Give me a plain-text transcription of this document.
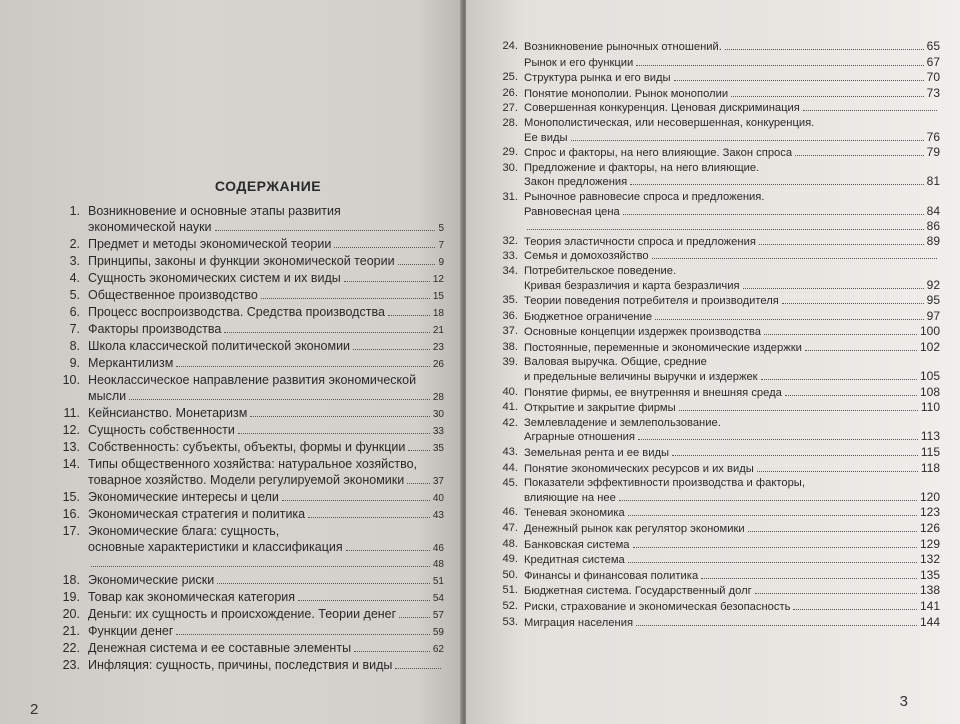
СОДЕРЖАНИЕ
1. Возникновение и основные этапы развития
экономической науки	5
2. Предмет и методы экономической теории	7
3. Принципы, законы и функции экономической теории	9
4. Сущность экономических систем и их виды	12
5. Общественное производство	15
6. Процесс воспроизводства. Средства производства	18
7. Факторы производства	21
8. Школа классической политической экономии	23
9. Меркантилизм	26
10. Неоклассическое направление развития экономической
мысли	28
11. Кейнсианство. Монетаризм	30
12. Сущность собственности	33
13. Собственность: субъекты, объекты, формы и функции	35
14. Типы общественного хозяйства: натуральное хозяйство,
товарное хозяйство. Модели регулируемой экономики	37
15. Экономические интересы и цели	40
16. Экономическая стратегия и политика	43
17. Экономические блага: сущность,
основные характеристики и классификация	46
48
18. Экономические риски	51
19. Товар как экономическая категория	54
20. Деньги: их сущность и происхождение. Теории денег	57
21. Функции денег	59
22. Денежная система и ее составные элементы	62
23. Инфляция: сущность, причины, последствия и виды
2
24. Возникновение рыночных отношений.	65
Рынок и его функции	67
25. Структура рынка и его виды	70
26. Понятие монополии. Рынок монополии	73
27. Совершенная конкуренция. Ценовая дискриминация
28. Монополистическая, или несовершенная, конкуренция.
Ее виды	76
29. Спрос и факторы, на него влияющие. Закон спроса	79
30. Предложение и факторы, на него влияющие.
Закон предложения	81
31. Рыночное равновесие спроса и предложения.
Равновесная цена	84
86
32. Теория эластичности спроса и предложения	89
33. Семья и домохозяйство
34. Потребительское поведение.
Кривая безразличия и карта безразличия	92
35. Теории поведения потребителя и производителя	95
36. Бюджетное ограничение	97
37. Основные концепции издержек производства	100
38. Постоянные, переменные и экономические издержки	102
39. Валовая выручка. Общие, средние
и предельные величины выручки и издержек	105
40. Понятие фирмы, ее внутренняя и внешняя среда	108
41. Открытие и закрытие фирмы	110
42. Землевладение и землепользование.
Аграрные отношения	113
43. Земельная рента и ее виды	115
44. Понятие экономических ресурсов и их виды	118
45. Показатели эффективности производства и факторы,
влияющие на нее	120
46. Теневая экономика	123
47. Денежный рынок как регулятор экономики	126
48. Банковская система	129
49. Кредитная система	132
50. Финансы и финансовая политика	135
51. Бюджетная система. Государственный долг	138
52. Риски, страхование и экономическая безопасность	141
53. Миграция населения	144
3
